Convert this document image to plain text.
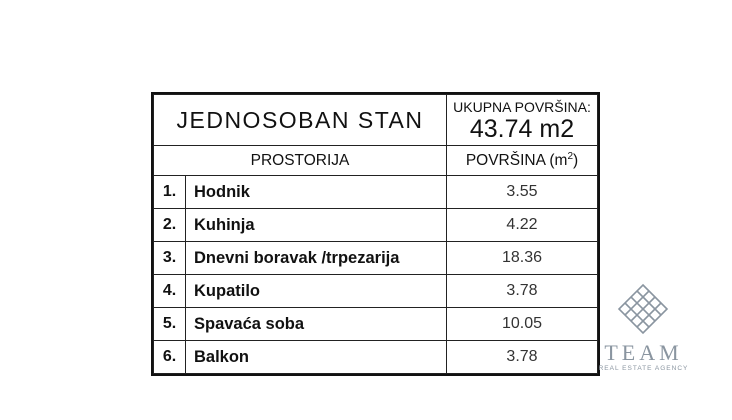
JEDNOSOBAN STAN		UKUPNA POVRŠINA:
43.74 m2

PROSTORIJA		POVRŠINA $(m^2)$
1.	Hodnik	3.55
2.	Kuhinja	4.22
3.	Dnevni boravak /trpezarija	18.36
4.	Kupatilo	3.78
5.	Spavaća soba	10.05
6.	Balkon	3.78	TEAM
REAL ESTATE AGENCY
